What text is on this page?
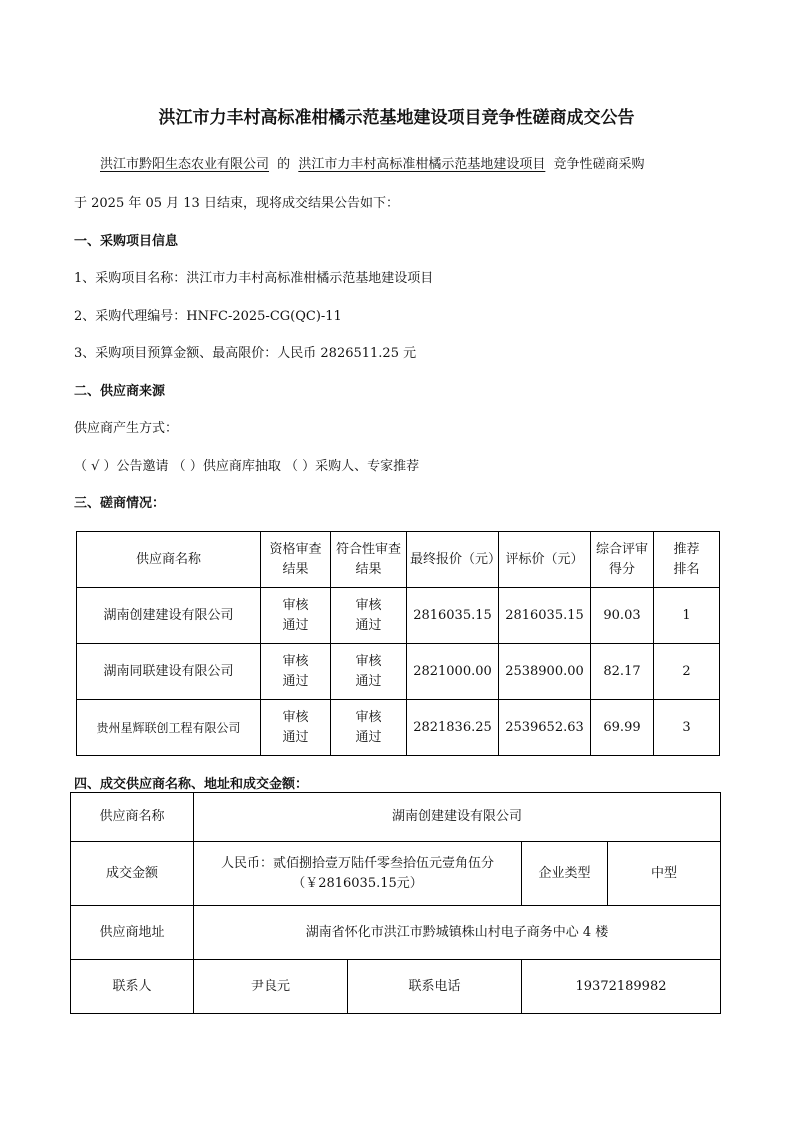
洪江市力丰村高标准柑橘示范基地建设项目竞争性磋商成交公告
洪江市黔阳生态农业有限公司 的 洪江市力丰村高标准柑橘示范基地建设项目 竞争性磋商采购
于 2025 年 05 月 13 日结束，现将成交结果公告如下：
一、采购项目信息
1、采购项目名称：洪江市力丰村高标准柑橘示范基地建设项目
2、采购代理编号：HNFC-2025-CG(QC)-11
3、采购项目预算金额、最高限价：人民币 2826511.25 元
二、供应商来源
供应商产生方式：
（ √ ）公告邀请 （ ）供应商库抽取 （ ）采购人、专家推荐
三、磋商情况：
供应商名称	资格审查结果	符合性审查结果	最终报价（元）	评标价（元）	综合评审得分	推荐排名
湖南创建建设有限公司	审核通过	审核通过	2816035.15	2816035.15	90.03	1
湖南同联建设有限公司	审核通过	审核通过	2821000.00	2538900.00	82.17	2
贵州星辉联创工程有限公司	审核通过	审核通过	2821836.25	2539652.63	69.99	3
四、成交供应商名称、地址和成交金额：
供应商名称	湖南创建建设有限公司			
成交金额	人民币：贰佰捌拾壹万陆仟零叁拾伍元壹角伍分
（￥2816035.15元）		企业类型	中型
供应商地址	湖南省怀化市洪江市黔城镇株山村电子商务中心 4 楼			
联系人	尹良元	联系电话	19372189982	
